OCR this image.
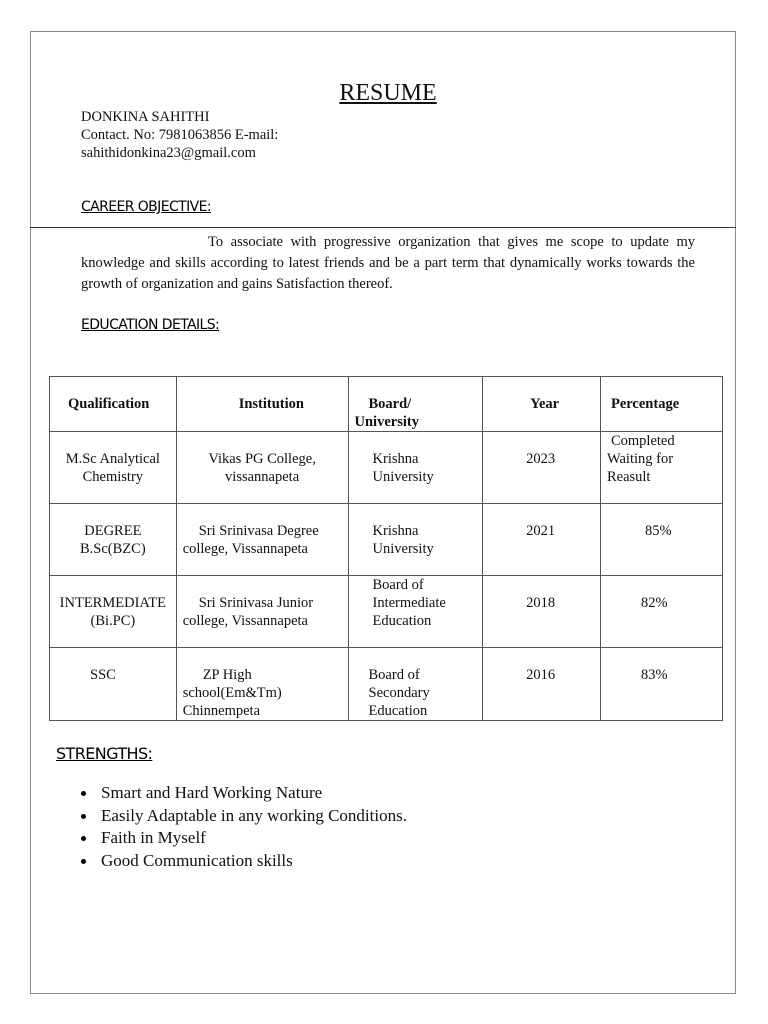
RESUME
DONKINA SAHITHI
Contact. No: 7981063856 E-mail:
sahithidonkina23@gmail.com
CAREER OBJECTIVE:
To associate with progressive organization that gives me scope to update my knowledge and skills according to latest friends and be a part term that dynamically works towards the growth of organization and gains Satisfaction thereof.
EDUCATION DETAILS:
Qualification	Institution	Board/ University	Year	Percentage

M.Sc Analytical Chemistry	Vikas PG College, vissannapeta	Krishna University	2023	Completed Waiting for Reasult

DEGREE B.Sc(BZC)	Sri Srinivasa Degree college, Vissannapeta	Krishna University	2021	85%

INTERMEDIATE (Bi.PC)	Sri Srinivasa Junior college, Vissannapeta	Board of Intermediate Education	2018	82%

SSC	ZP High school(Em&Tm) Chinnempeta	Board of Secondary Education	2016	83%
STRENGTHS:
Smart and Hard Working Nature
Easily Adaptable in any working Conditions.
Faith in Myself
Good Communication skills
